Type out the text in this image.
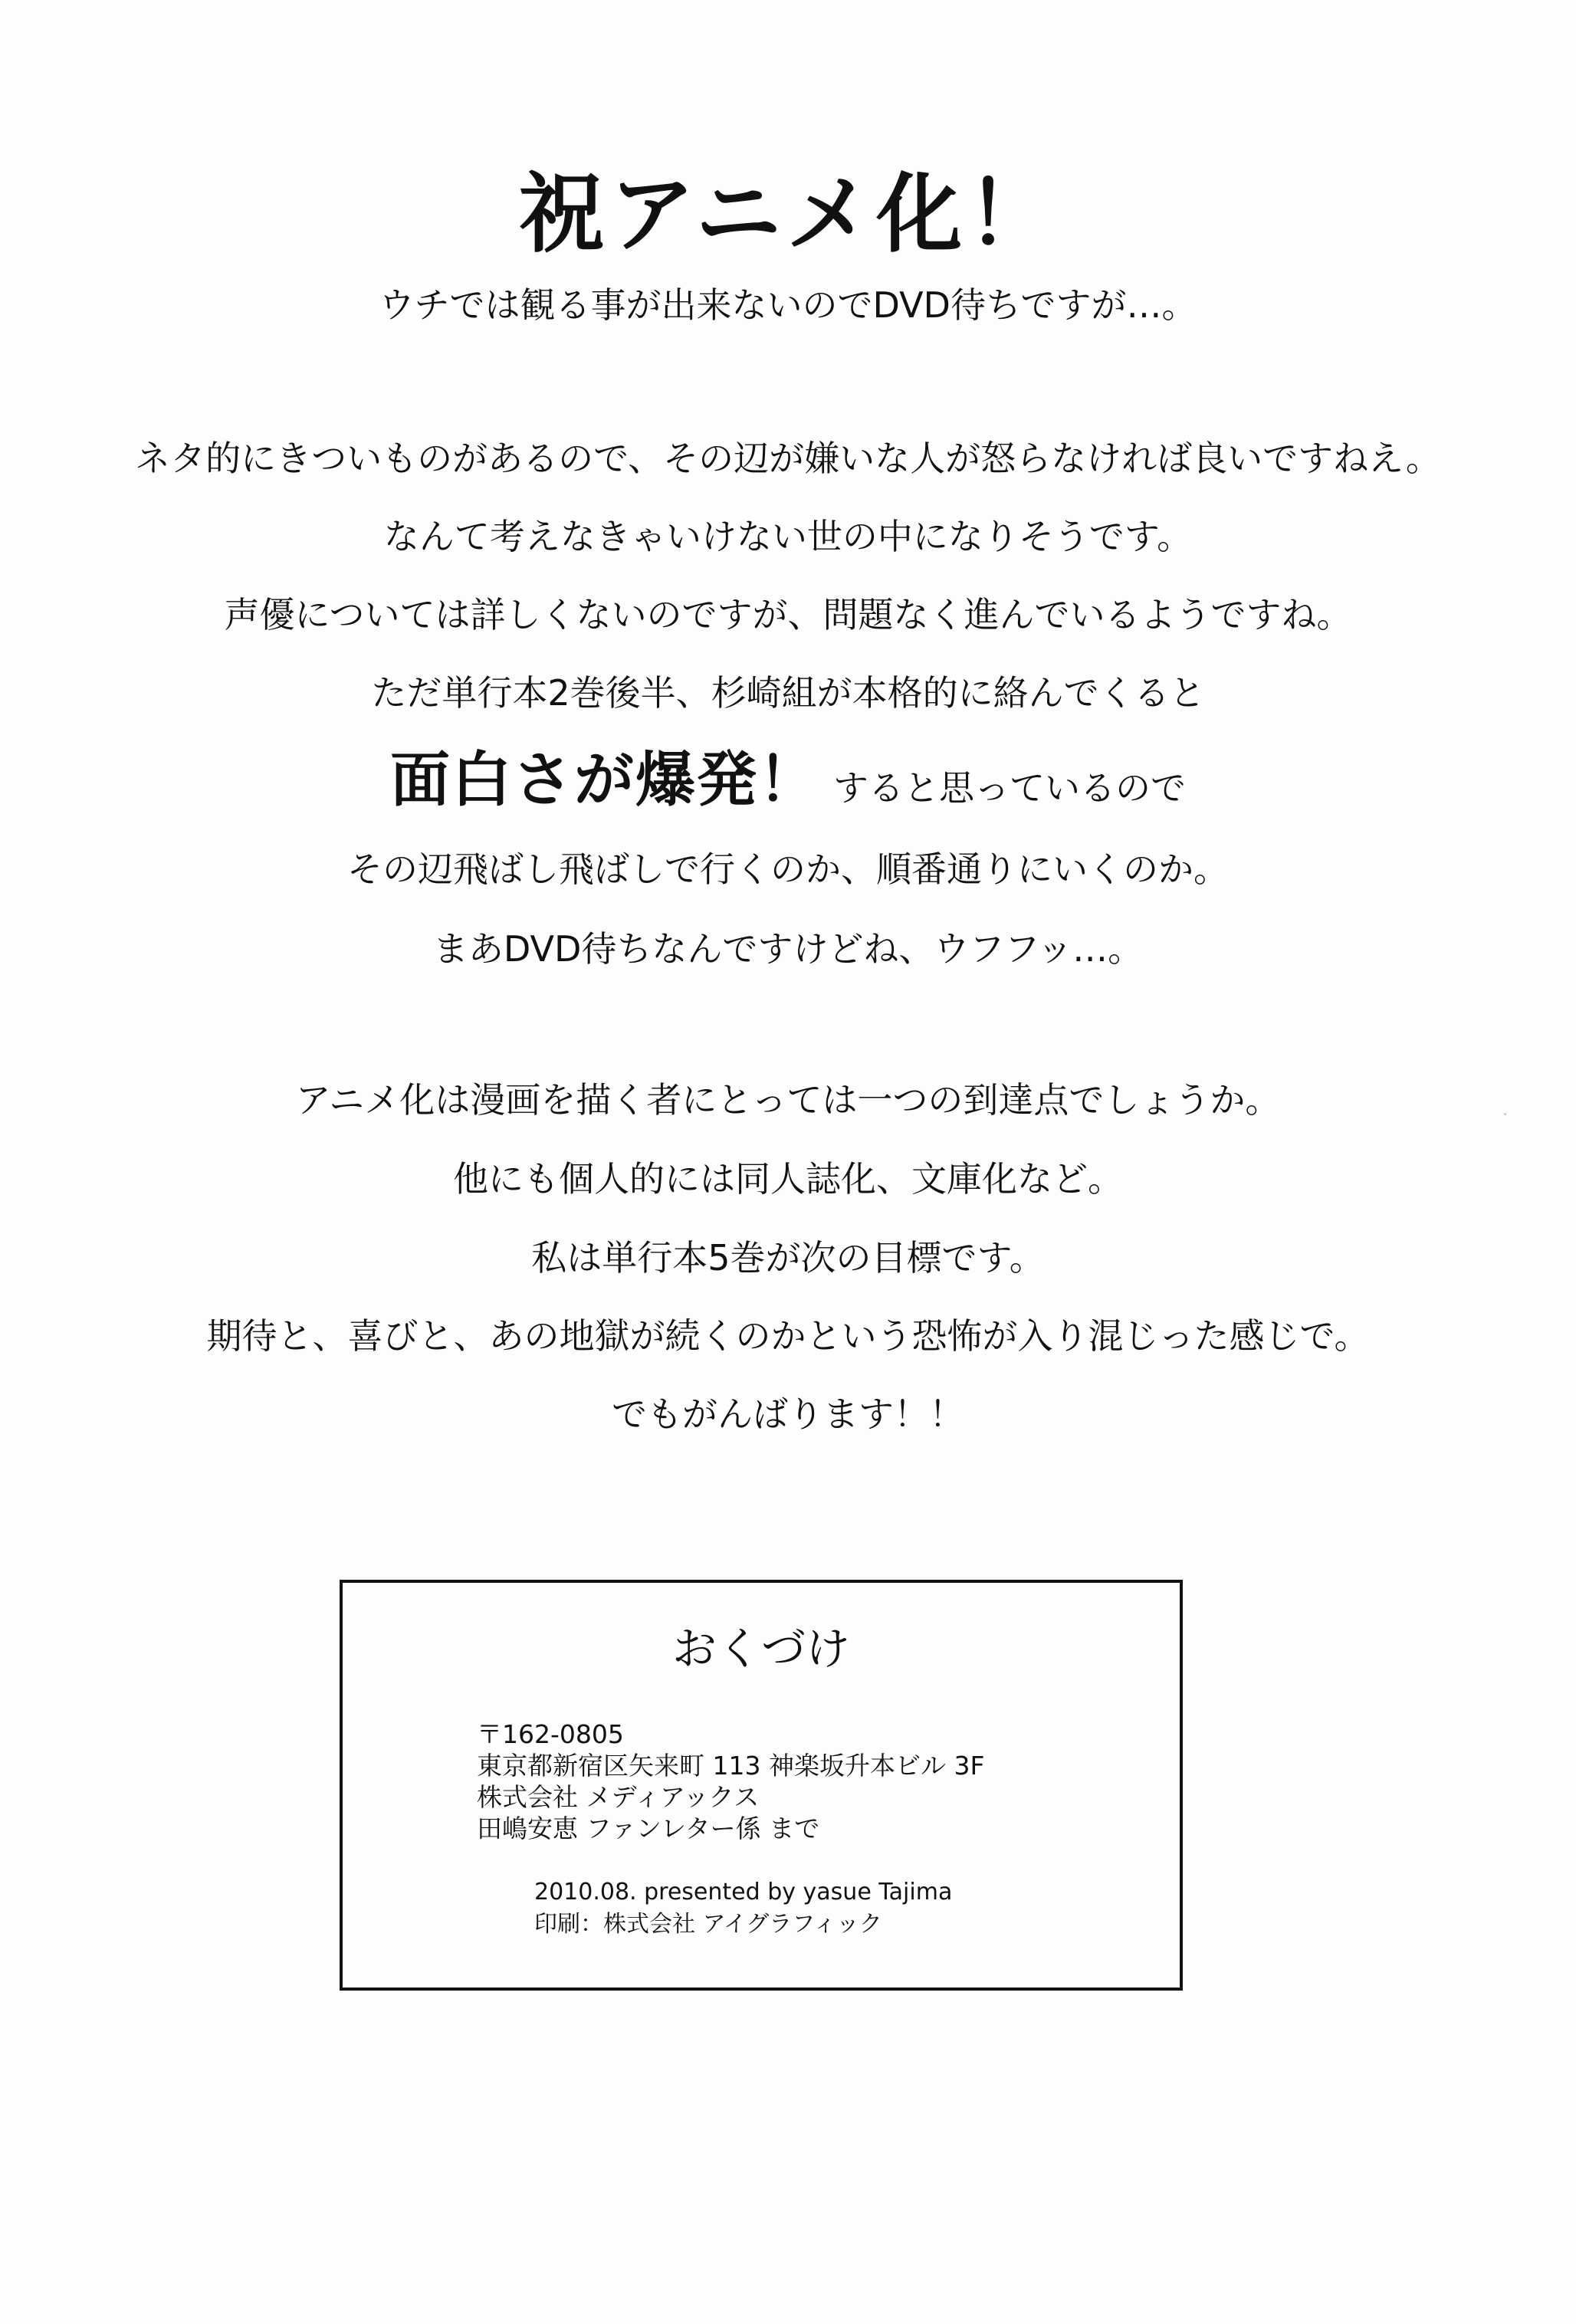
祝アニメ化！
ウチでは観る事が出来ないのでDVD待ちですが…。
ネタ的にきついものがあるので、その辺が嫌いな人が怒らなければ良いですねえ。
なんて考えなきゃいけない世の中になりそうです。
声優については詳しくないのですが、問題なく進んでいるようですね。
ただ単行本2巻後半、杉崎組が本格的に絡んでくると
面白さが爆発！ すると思っているので
その辺飛ばし飛ばしで行くのか、順番通りにいくのか。
まあDVD待ちなんですけどね、ウフフッ…。
アニメ化は漫画を描く者にとっては一つの到達点でしょうか。
他にも個人的には同人誌化、文庫化など。
私は単行本5巻が次の目標です。
期待と、喜びと、あの地獄が続くのかという恐怖が入り混じった感じで。
でもがんばります！！
おくづけ
〒162-0805
東京都新宿区矢来町 113 神楽坂升本ビル 3F
株式会社 メディアックス
田嶋安恵 ファンレター係 まで
2010.08. presented by yasue Tajima
印刷：株式会社 アイグラフィック
